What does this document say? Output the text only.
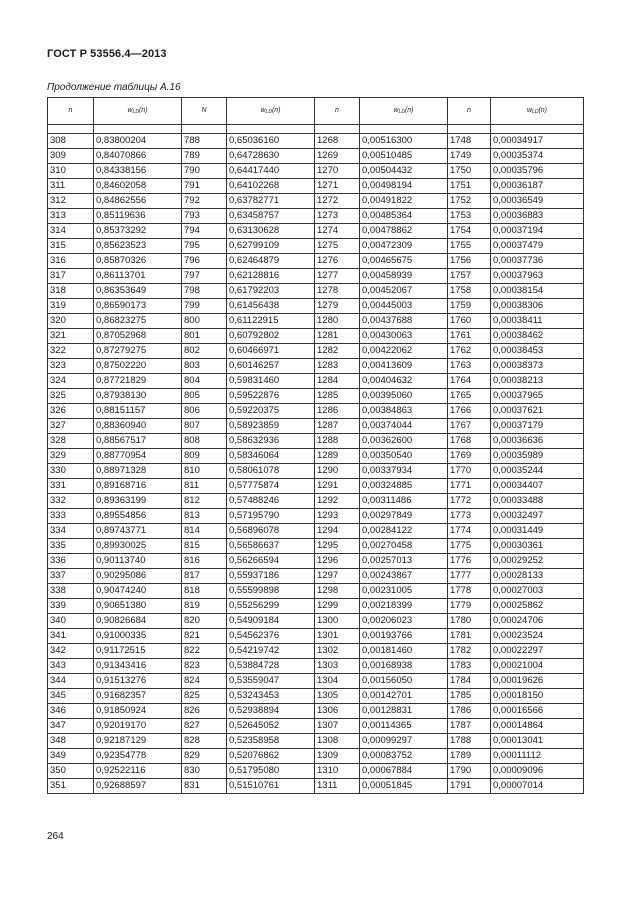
ГОСТ Р 53556.4—2013
Продолжение таблицы А.16
n	$w_{LD}(n)$	N	$w_{LD}(n)$	n	$w_{LD}(n)$	n	$w_{LD}(n)$

308	0,83800204	788	0,65036160	1268	0,00516300	1748	0,00034917
309	0,84070866	789	0,64728630	1269	0,00510485	1749	0,00035374
310	0,84338156	790	0,64417440	1270	0,00504432	1750	0,00035796
311	0,84602058	791	0,64102268	1271	0,00498194	1751	0,00036187
312	0,84862556	792	0,63782771	1272	0,00491822	1752	0,00036549
313	0,85119636	793	0,63458757	1273	0,00485364	1753	0,00036883
314	0,85373292	794	0,63130628	1274	0,00478862	1754	0,00037194
315	0,85623523	795	0,62799109	1275	0,00472309	1755	0,00037479
316	0,85870326	796	0,62464879	1276	0,00465675	1756	0,00037736
317	0,86113701	797	0,62128816	1277	0,00458939	1757	0,00037963
318	0,86353649	798	0,61792203	1278	0,00452067	1758	0,00038154
319	0,86590173	799	0,61456438	1279	0,00445003	1759	0,00038306
320	0,86823275	800	0,61122915	1280	0,00437688	1760	0,00038411
321	0,87052968	801	0,60792802	1281	0,00430063	1761	0,00038462
322	0,87279275	802	0,60466971	1282	0,00422062	1762	0,00038453
323	0,87502220	803	0,60146257	1283	0,00413609	1763	0,00038373
324	0,87721829	804	0,59831460	1284	0,00404632	1764	0,00038213
325	0,87938130	805	0,59522876	1285	0,00395060	1765	0,00037965
326	0,88151157	806	0,59220375	1286	0,00384863	1766	0,00037621
327	0,88360940	807	0,58923859	1287	0,00374044	1767	0,00037179
328	0,88567517	808	0,58632936	1288	0,00362600	1768	0,00036636
329	0,88770954	809	0,58346064	1289	0,00350540	1769	0,00035989
330	0,88971328	810	0,58061078	1290	0,00337934	1770	0,00035244
331	0,89168716	811	0,57775874	1291	0,00324885	1771	0,00034407
332	0,89363199	812	0,57488246	1292	0,00311486	1772	0,00033488
333	0,89554856	813	0,57195790	1293	0,00297849	1773	0,00032497
334	0,89743771	814	0,56896078	1294	0,00284122	1774	0,00031449
335	0,89930025	815	0,56586637	1295	0,00270458	1775	0,00030361
336	0,90113740	816	0,56266594	1296	0,00257013	1776	0,00029252
337	0,90295086	817	0,55937186	1297	0,00243867	1777	0,00028133
338	0,90474240	818	0,55599898	1298	0,00231005	1778	0,00027003
339	0,90651380	819	0,55256299	1299	0,00218399	1779	0,00025862
340	0,90826684	820	0,54909184	1300	0,00206023	1780	0,00024706
341	0,91000335	821	0,54562376	1301	0,00193766	1781	0,00023524
342	0,91172515	822	0,54219742	1302	0,00181460	1782	0,00022297
343	0,91343416	823	0,53884728	1303	0,00168938	1783	0,00021004
344	0,91513276	824	0,53559047	1304	0,00156050	1784	0,00019626
345	0,91682357	825	0,53243453	1305	0,00142701	1785	0,00018150
346	0,91850924	826	0,52938894	1306	0,00128831	1786	0,00016566
347	0,92019170	827	0,52645052	1307	0,00114365	1787	0,00014864
348	0,92187129	828	0,52358958	1308	0,00099297	1788	0,00013041
349	0,92354778	829	0,52076862	1309	0,00083752	1789	0,00011112
350	0,92522116	830	0,51795080	1310	0,00067884	1790	0,00009096
351	0,92688597	831	0,51510761	1311	0,00051845	1791	0,00007014
264
